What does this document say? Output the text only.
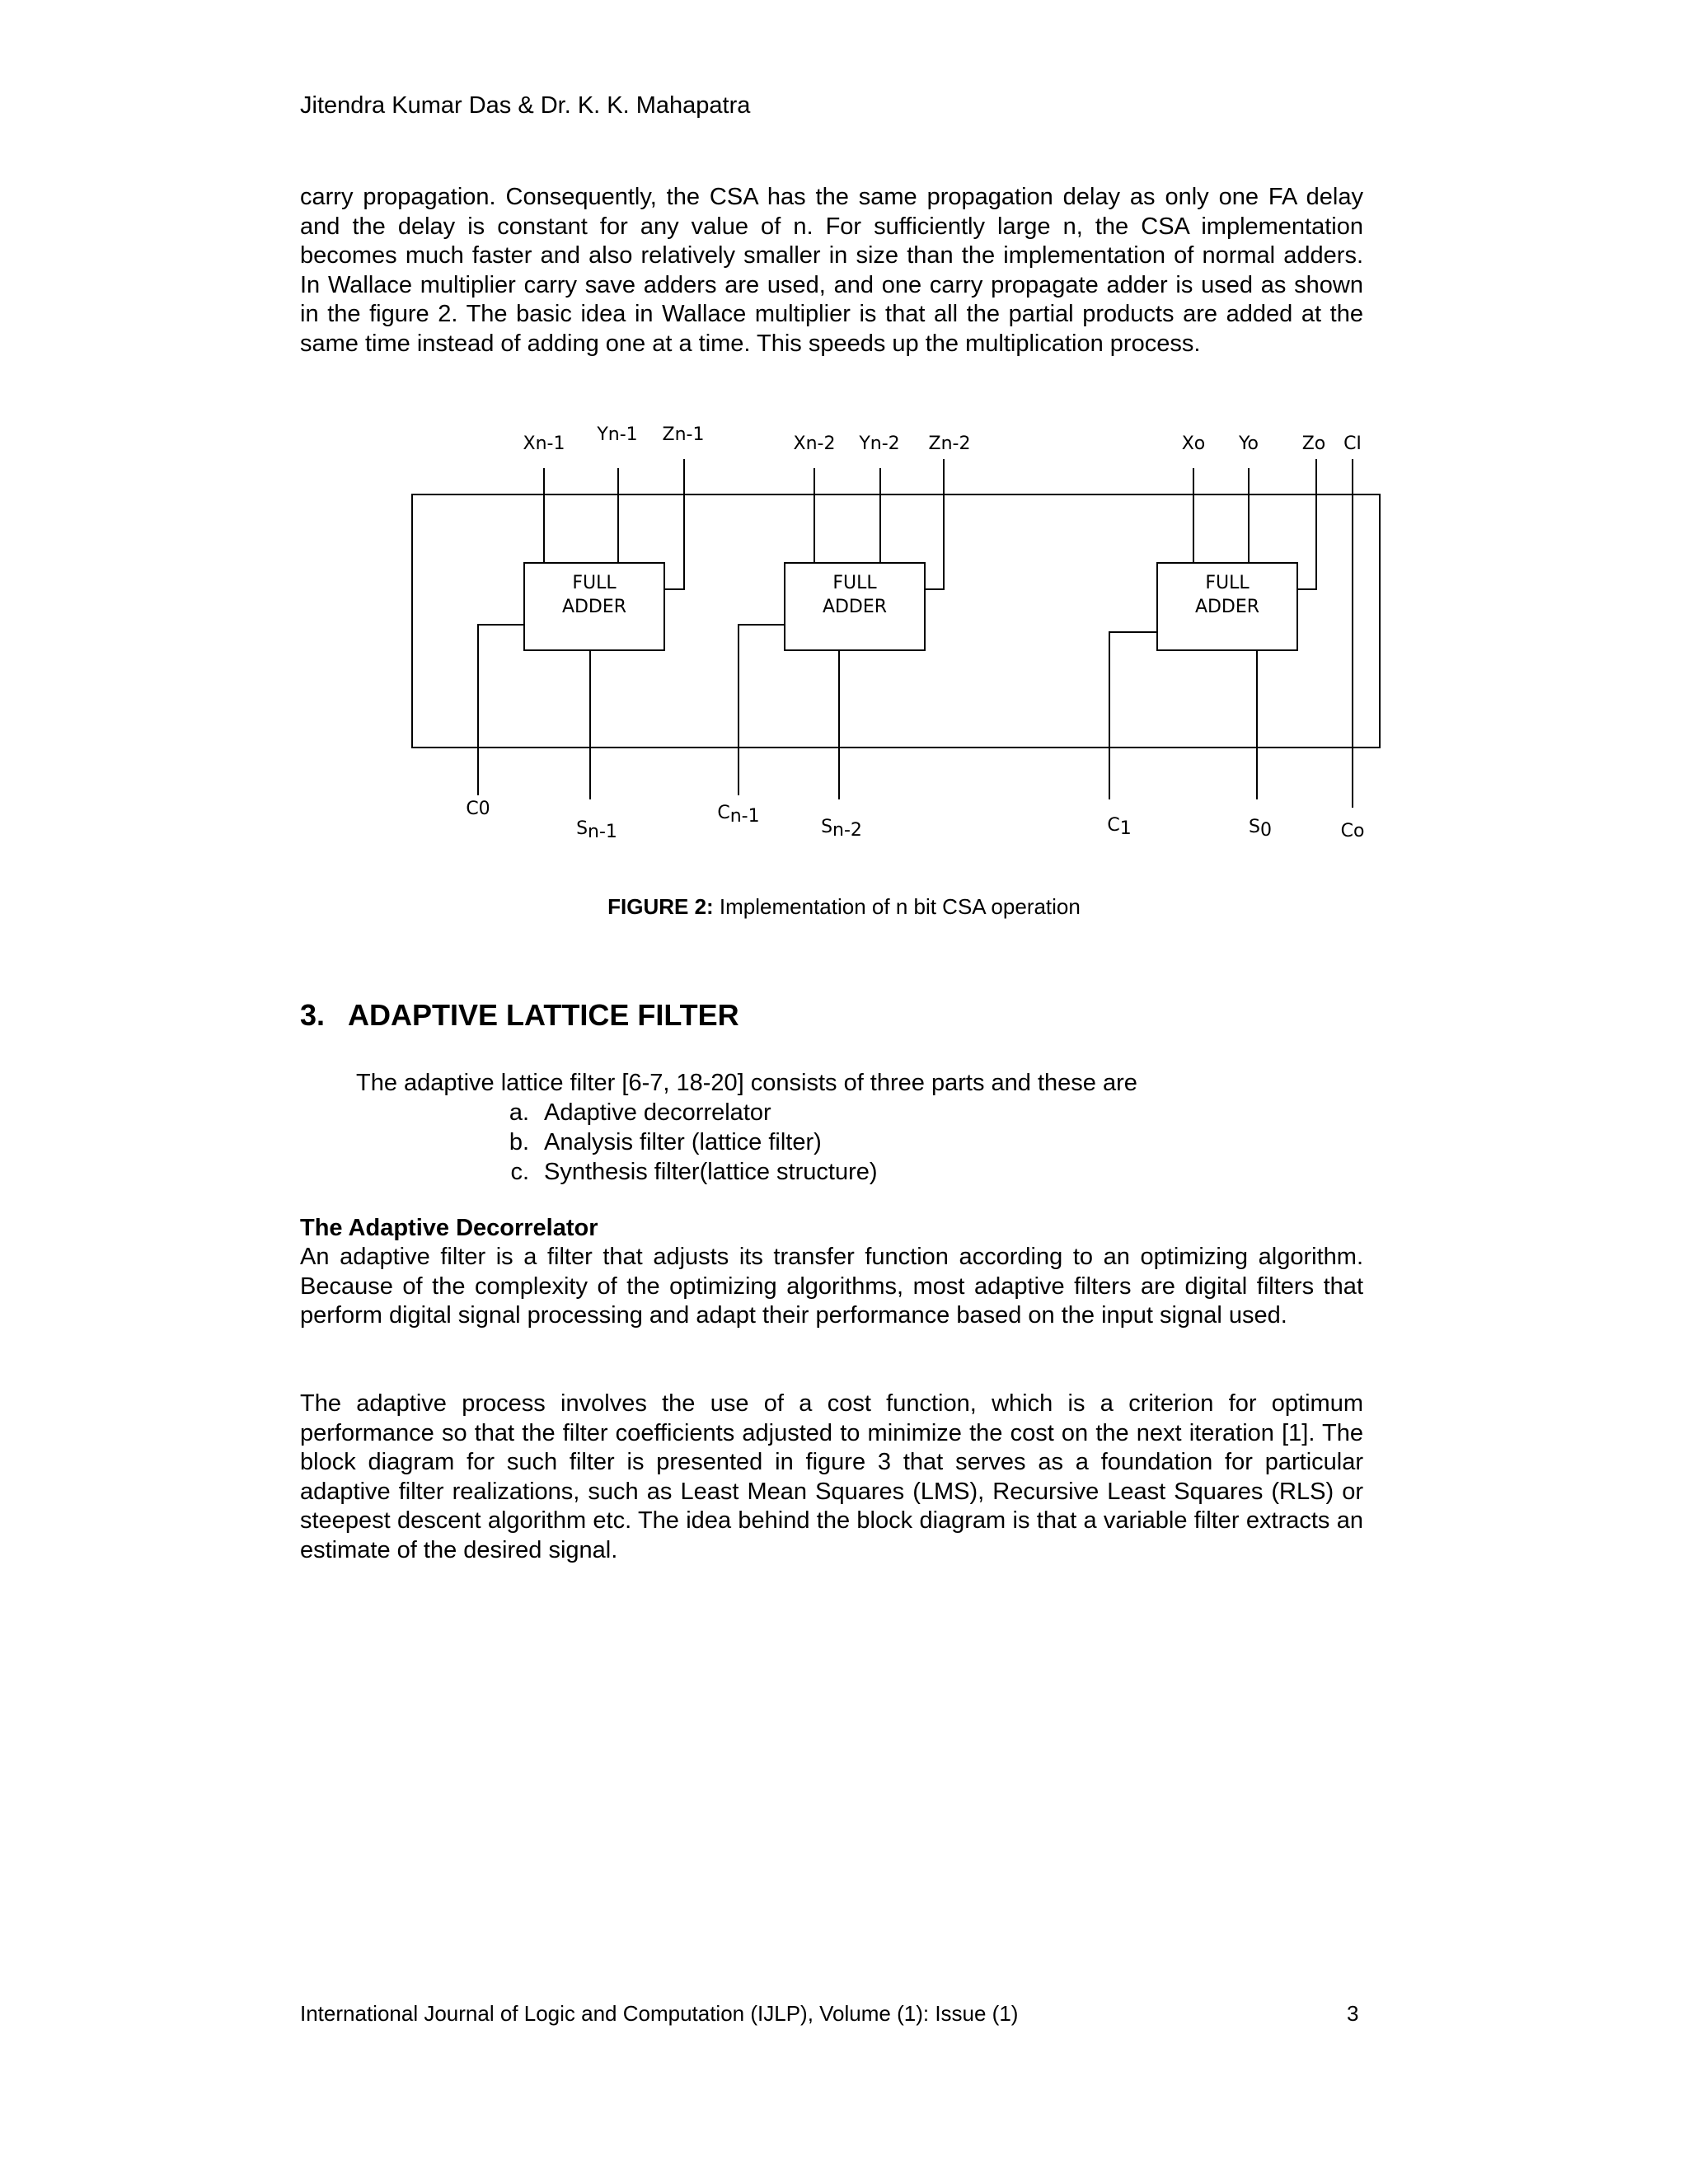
Jitendra Kumar Das & Dr. K. K. Mahapatra

carry propagation. Consequently, the CSA has the same propagation delay as only one FA delay and the delay is constant for any value of n. For sufficiently large n, the CSA implementation becomes much faster and also relatively smaller in size than the implementation of normal adders. In Wallace multiplier carry save adders are used, and one carry propagate adder is used as shown in the figure 2. The basic idea in Wallace multiplier is that all the partial products are added at the same time instead of adding one at a time. This speeds up the multiplication process.

FULL
ADDER
FULL
ADDER
FULL
ADDER
Xn-1 Yn-1 Zn-1	Xn-2 Yn-2 Zn-2	Xo Yo Zo CI
C0
Sn-1
Cn-1
Sn-2	C1	S0	Co
FIGURE 2: Implementation of n bit CSA operation
3. ADAPTIVE LATTICE FILTER
The adaptive lattice filter [6-7, 18-20] consists of three parts and these are
a. Adaptive decorrelator
b. Analysis filter (lattice filter)
c. Synthesis filter(lattice structure)
The Adaptive Decorrelator

An adaptive filter is a filter that adjusts its transfer function according to an optimizing algorithm. Because of the complexity of the optimizing algorithms, most adaptive filters are digital filters that perform digital signal processing and adapt their performance based on the input signal used.

The adaptive process involves the use of a cost function, which is a criterion for optimum performance so that the filter coefficients adjusted to minimize the cost on the next iteration [1]. The block diagram for such filter is presented in figure 3 that serves as a foundation for particular adaptive filter realizations, such as Least Mean Squares (LMS), Recursive Least Squares (RLS) or steepest descent algorithm etc. The idea behind the block diagram is that a variable filter extracts an estimate of the desired signal.

International Journal of Logic and Computation (IJLP), Volume (1): Issue (1)	3
